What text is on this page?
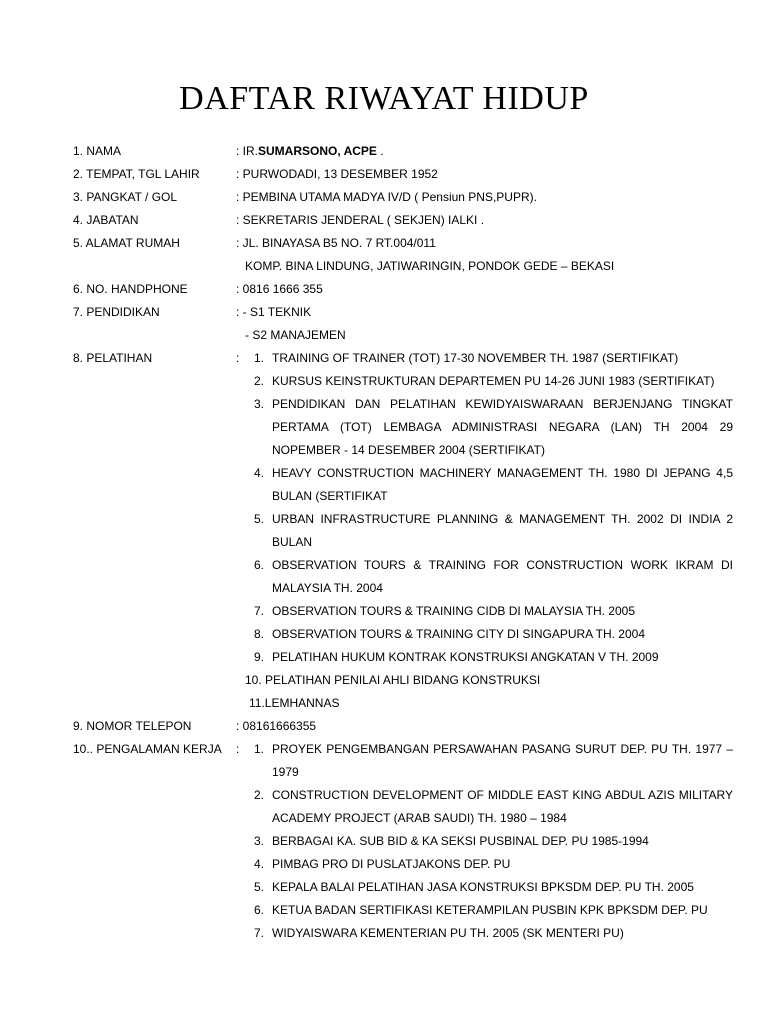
DAFTAR RIWAYAT HIDUP
1. NAMA	: IR.SUMARSONO, ACPE .
2. TEMPAT, TGL LAHIR	: PURWODADI, 13 DESEMBER 1952
3. PANGKAT / GOL	: PEMBINA UTAMA MADYA IV/D ( Pensiun PNS,PUPR).
4. JABATAN	: SEKRETARIS JENDERAL ( SEKJEN) IALKI .
5. ALAMAT RUMAH	: JL. BINAYASA B5 NO. 7 RT.004/011
KOMP. BINA LINDUNG, JATIWARINGIN, PONDOK GEDE – BEKASI
6. NO. HANDPHONE	: 0816 1666 355
7. PENDIDIKAN	: - S1 TEKNIK
- S2 MANAJEMEN
8. PELATIHAN	:	1. TRAINING OF TRAINER (TOT) 17-30 NOVEMBER TH. 1987 (SERTIFIKAT)
2. KURSUS KEINSTRUKTURAN DEPARTEMEN PU 14-26 JUNI 1983 (SERTIFIKAT)
3. PENDIDIKAN DAN PELATIHAN KEWIDYAISWARAAN BERJENJANG TINGKAT PERTAMA (TOT) LEMBAGA ADMINISTRASI NEGARA (LAN) TH 2004 29 NOPEMBER - 14 DESEMBER 2004 (SERTIFIKAT)
4. HEAVY CONSTRUCTION MACHINERY MANAGEMENT TH. 1980 DI JEPANG 4,5 BULAN (SERTIFIKAT
5. URBAN INFRASTRUCTURE PLANNING & MANAGEMENT TH. 2002 DI INDIA 2 BULAN
6. OBSERVATION TOURS & TRAINING FOR CONSTRUCTION WORK IKRAM DI MALAYSIA TH. 2004
7. OBSERVATION TOURS & TRAINING CIDB DI MALAYSIA TH. 2005
8. OBSERVATION TOURS & TRAINING CITY DI SINGAPURA TH. 2004
9. PELATIHAN HUKUM KONTRAK KONSTRUKSI ANGKATAN V TH. 2009
10. PELATIHAN PENILAI AHLI BIDANG KONSTRUKSI
11.LEMHANNAS
9. NOMOR TELEPON	: 08161666355
10.. PENGALAMAN KERJA	:	1. PROYEK PENGEMBANGAN PERSAWAHAN PASANG SURUT DEP. PU TH. 1977 – 1979
2. CONSTRUCTION DEVELOPMENT OF MIDDLE EAST KING ABDUL AZIS MILITARY ACADEMY PROJECT (ARAB SAUDI) TH. 1980 – 1984
3. BERBAGAI KA. SUB BID & KA SEKSI PUSBINAL DEP. PU 1985-1994
4. PIMBAG PRO DI PUSLATJAKONS DEP. PU
5. KEPALA BALAI PELATIHAN JASA KONSTRUKSI BPKSDM DEP. PU TH. 2005
6. KETUA BADAN SERTIFIKASI KETERAMPILAN PUSBIN KPK BPKSDM DEP. PU
7. WIDYAISWARA KEMENTERIAN PU TH. 2005 (SK MENTERI PU)
